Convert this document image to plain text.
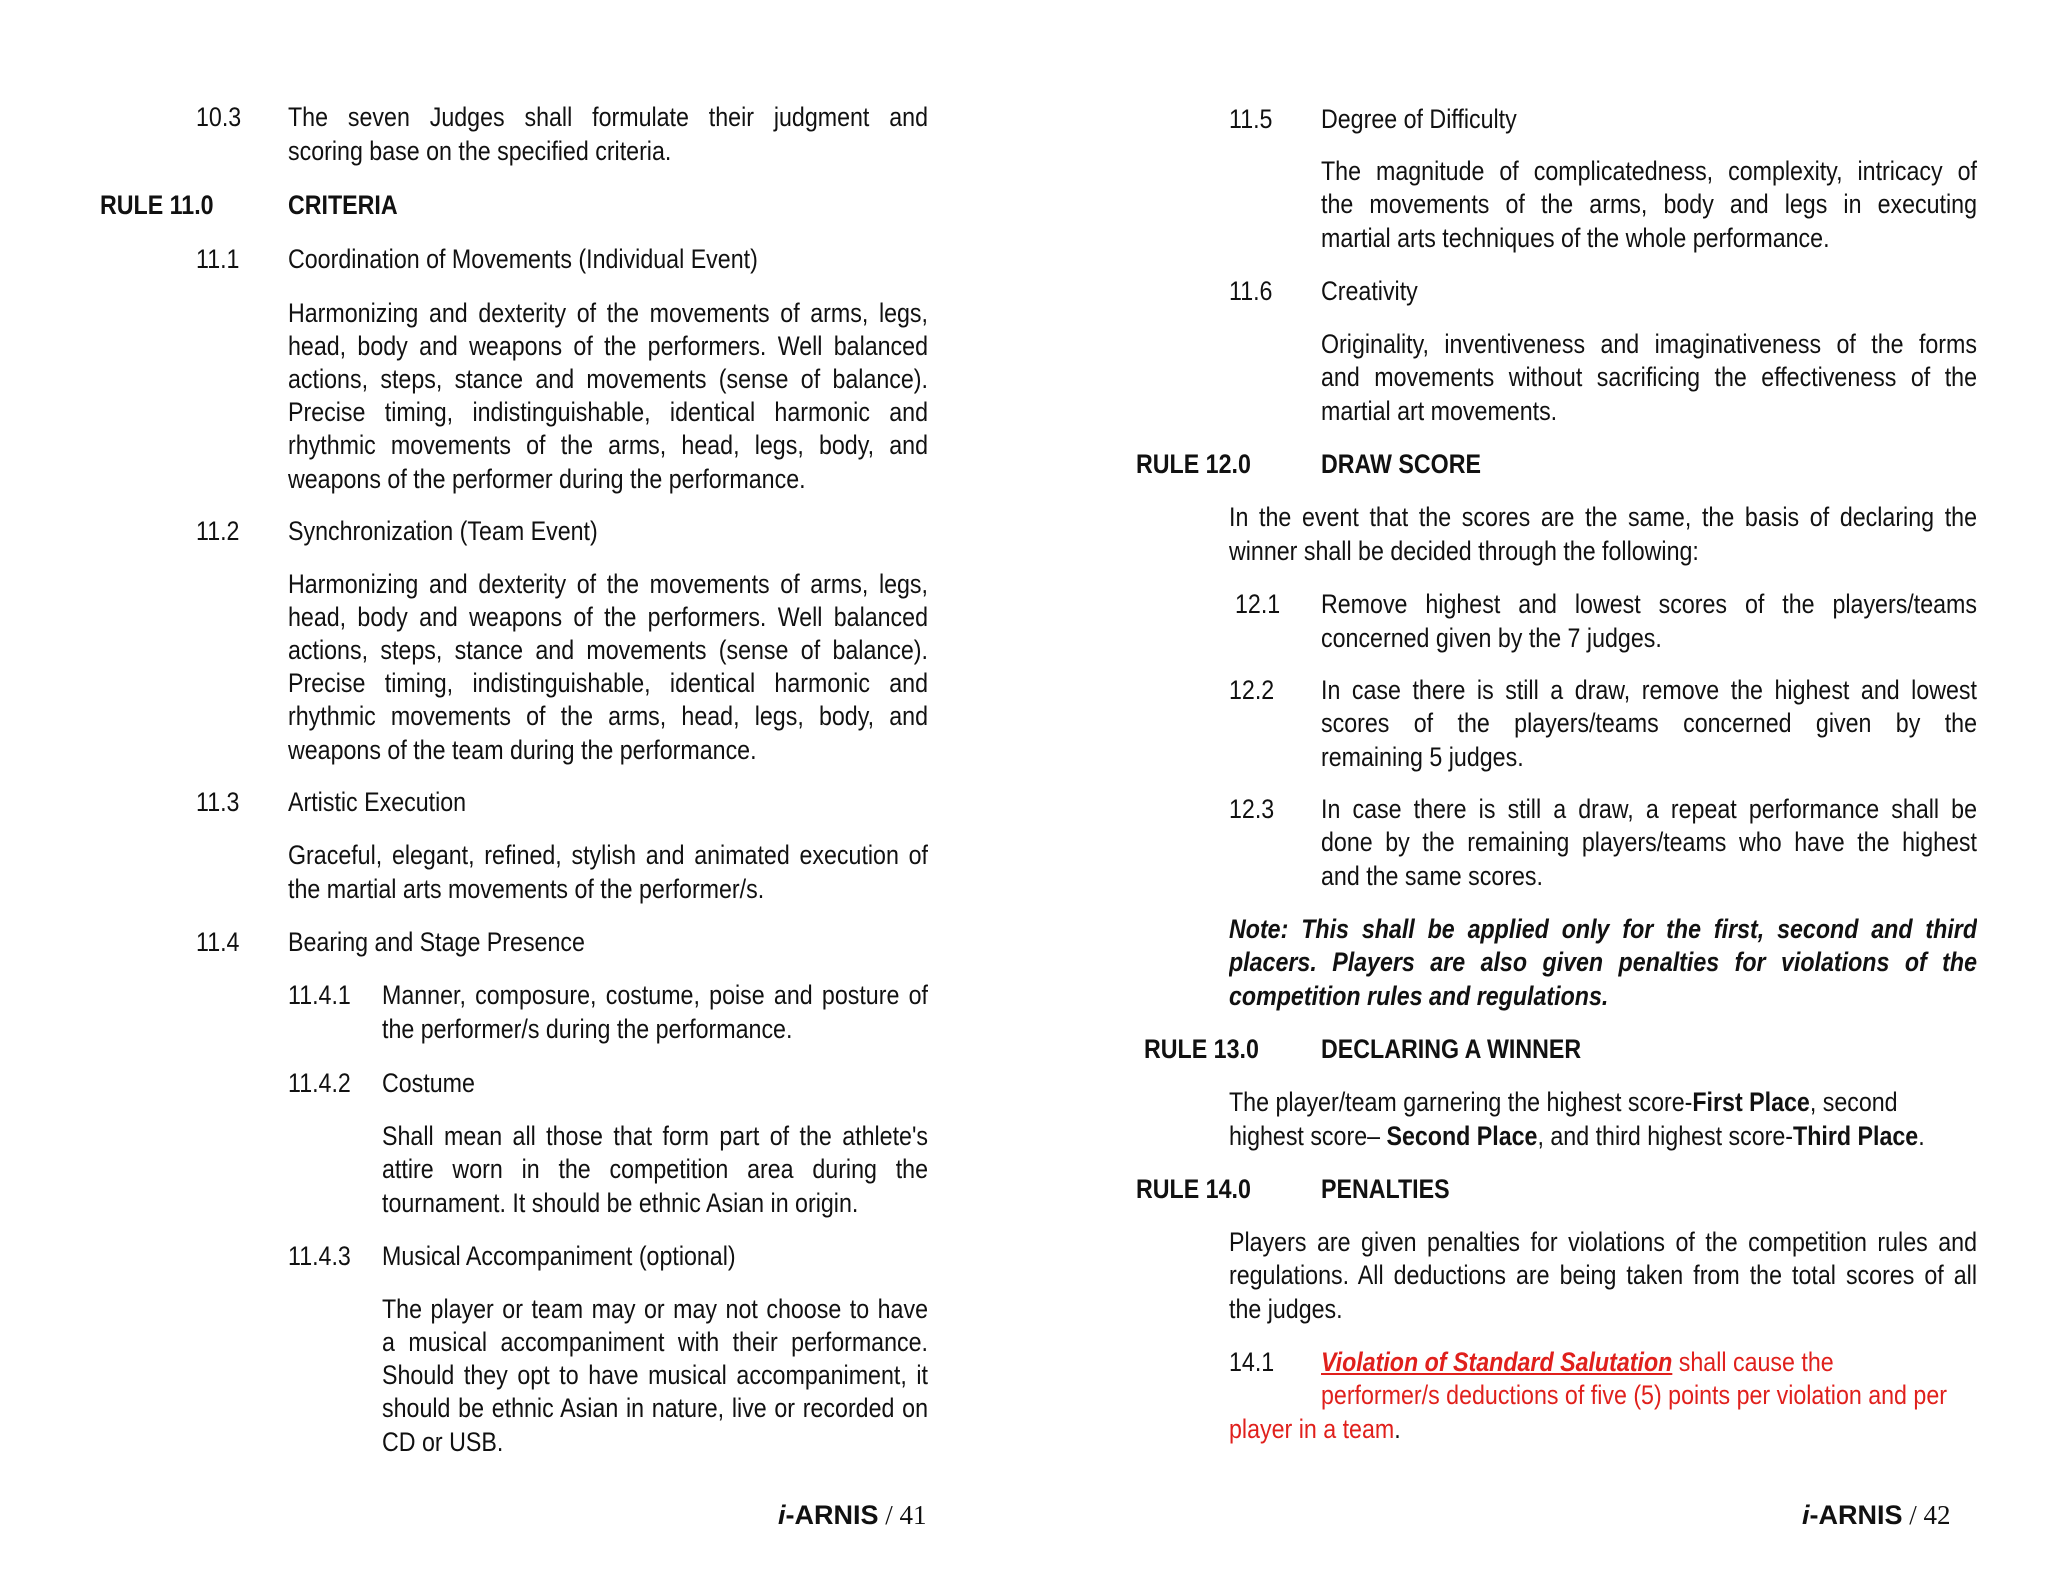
10.3 The seven Judges shall formulate their judgment and
scoring base on the specified criteria.
RULE 11.0	CRITERIA
11.1 Coordination of Movements (Individual Event)
Harmonizing and dexterity of the movements of arms, legs,
head, body and weapons of the performers. Well balanced
actions, steps, stance and movements (sense of balance).
Precise timing, indistinguishable, identical harmonic and
rhythmic movements of the arms, head, legs, body, and
weapons of the performer during the performance.
11.2 Synchronization (Team Event)
Harmonizing and dexterity of the movements of arms, legs,
head, body and weapons of the performers. Well balanced
actions, steps, stance and movements (sense of balance).
Precise timing, indistinguishable, identical harmonic and
rhythmic movements of the arms, head, legs, body, and
weapons of the team during the performance.
11.3 Artistic Execution
Graceful, elegant, refined, stylish and animated execution of
the martial arts movements of the performer/s.
11.4 Bearing and Stage Presence
11.4.1 Manner, composure, costume, poise and posture of
the performer/s during the performance.
11.4.2 Costume
Shall mean all those that form part of the athlete's
attire worn in the competition area during the
tournament. It should be ethnic Asian in origin.
11.4.3 Musical Accompaniment (optional)
The player or team may or may not choose to have
a musical accompaniment with their performance.
Should they opt to have musical accompaniment, it
should be ethnic Asian in nature, live or recorded on
CD or USB.
i-ARNIS / 41
11.5 Degree of Difficulty
The magnitude of complicatedness, complexity, intricacy of
the movements of the arms, body and legs in executing
martial arts techniques of the whole performance.
11.6 Creativity
Originality, inventiveness and imaginativeness of the forms
and movements without sacrificing the effectiveness of the
martial art movements.
RULE 12.0	DRAW SCORE
In the event that the scores are the same, the basis of declaring the
winner shall be decided through the following:
12.1 Remove highest and lowest scores of the players/teams
concerned given by the 7 judges.
12.2 In case there is still a draw, remove the highest and lowest
scores of the players/teams concerned given by the
remaining 5 judges.
12.3 In case there is still a draw, a repeat performance shall be
done by the remaining players/teams who have the highest
and the same scores.
Note: This shall be applied only for the first, second and third
placers. Players are also given penalties for violations of the
competition rules and regulations.
RULE 13.0 DECLARING A WINNER
The player/team garnering the highest score-First Place, second
highest score– Second Place, and third highest score-Third Place.
RULE 14.0	PENALTIES
Players are given penalties for violations of the competition rules and
regulations. All deductions are being taken from the total scores of all
the judges.
14.1 Violation of Standard Salutation shall cause the
performer/s deductions of five (5) points per violation and per
player in a team.
i-ARNIS / 42
